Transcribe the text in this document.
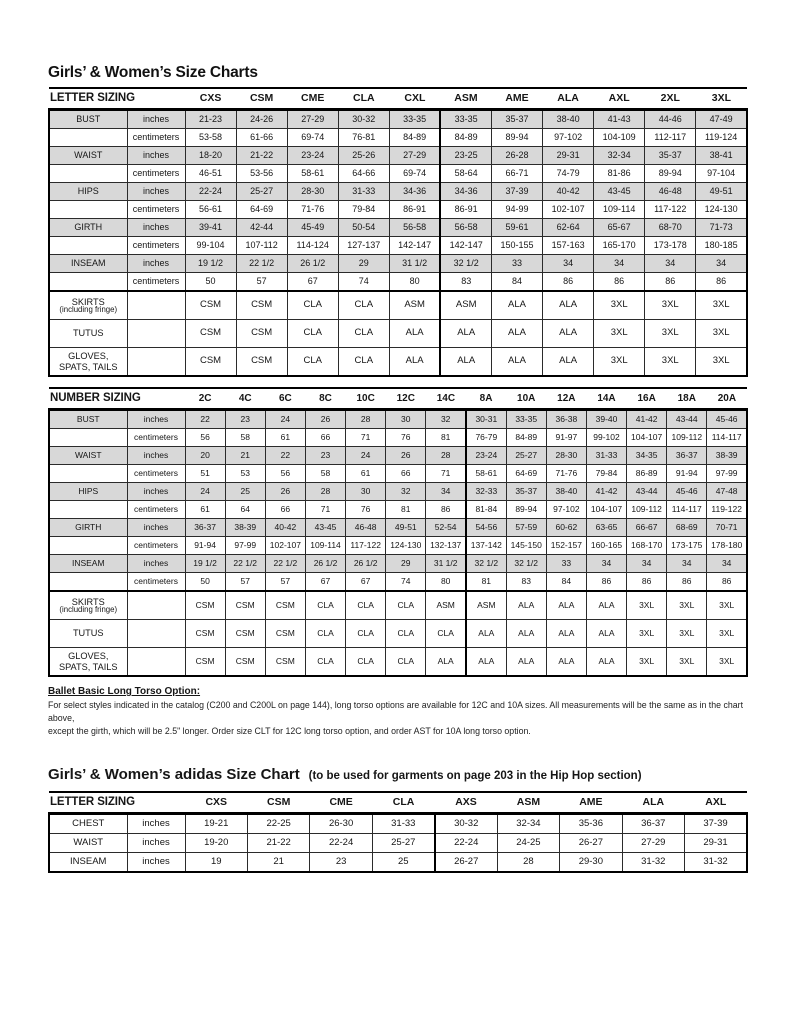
Girls’ & Women’s Size Charts
LETTER SIZING		CXS	CSM	CME	CLA	CXL	ASM	AME	ALA	AXL	2XL	3XL
BUST	inches	21-23	24-26	27-29	30-32	33-35	33-35	35-37	38-40	41-43	44-46	47-49
	centimeters	53-58	61-66	69-74	76-81	84-89	84-89	89-94	97-102	104-109	112-117	119-124
WAIST	inches	18-20	21-22	23-24	25-26	27-29	23-25	26-28	29-31	32-34	35-37	38-41
	centimeters	46-51	53-56	58-61	64-66	69-74	58-64	66-71	74-79	81-86	89-94	97-104
HIPS	inches	22-24	25-27	28-30	31-33	34-36	34-36	37-39	40-42	43-45	46-48	49-51
	centimeters	56-61	64-69	71-76	79-84	86-91	86-91	94-99	102-107	109-114	117-122	124-130
GIRTH	inches	39-41	42-44	45-49	50-54	56-58	56-58	59-61	62-64	65-67	68-70	71-73
	centimeters	99-104	107-112	114-124	127-137	142-147	142-147	150-155	157-163	165-170	173-178	180-185
INSEAM	inches	19 1/2	22 1/2	26 1/2	29	31 1/2	32 1/2	33	34	34	34	34
	centimeters	50	57	67	74	80	83	84	86	86	86	86

SKIRTS
(including fringe)		CSM	CSM	CLA	CLA	ASM	ASM	ALA	ALA	3XL	3XL	3XL

TUTUS		CSM	CSM	CLA	CLA	ALA	ALA	ALA	ALA	3XL	3XL	3XL

GLOVES, SPATS, TAILS		CSM	CSM	CLA	CLA	ALA	ALA	ALA	ALA	3XL	3XL	3XL
NUMBER SIZING		2C	4C	6C	8C	10C	12C	14C	8A	10A	12A	14A	16A	18A	20A
BUST	inches	22	23	24	26	28	30	32	30-31	33-35	36-38	39-40	41-42	43-44	45-46
	centimeters	56	58	61	66	71	76	81	76-79	84-89	91-97	99-102	104-107	109-112	114-117
WAIST	inches	20	21	22	23	24	26	28	23-24	25-27	28-30	31-33	34-35	36-37	38-39
	centimeters	51	53	56	58	61	66	71	58-61	64-69	71-76	79-84	86-89	91-94	97-99
HIPS	inches	24	25	26	28	30	32	34	32-33	35-37	38-40	41-42	43-44	45-46	47-48
	centimeters	61	64	66	71	76	81	86	81-84	89-94	97-102	104-107	109-112	114-117	119-122
GIRTH	inches	36-37	38-39	40-42	43-45	46-48	49-51	52-54	54-56	57-59	60-62	63-65	66-67	68-69	70-71
	centimeters	91-94	97-99	102-107	109-114	117-122	124-130	132-137	137-142	145-150	152-157	160-165	168-170	173-175	178-180
INSEAM	inches	19 1/2	22 1/2	22 1/2	26 1/2	26 1/2	29	31 1/2	32 1/2	32 1/2	33	34	34	34	34
	centimeters	50	57	57	67	67	74	80	81	83	84	86	86	86	86

SKIRTS
(including fringe)		CSM	CSM	CSM	CLA	CLA	CLA	ASM	ASM	ALA	ALA	ALA	3XL	3XL	3XL

TUTUS		CSM	CSM	CSM	CLA	CLA	CLA	CLA	ALA	ALA	ALA	ALA	3XL	3XL	3XL

GLOVES, SPATS, TAILS		CSM	CSM	CSM	CLA	CLA	CLA	ALA	ALA	ALA	ALA	ALA	3XL	3XL	3XL
Ballet Basic Long Torso Option:
For select styles indicated in the catalog (C200 and C200L on page 144), long torso options are available for 12C and 10A sizes. All measurements will be the same as in the chart above,
except the girth, which will be 2.5" longer. Order size CLT for 12C long torso option, and order AST for 10A long torso option.
Girls’ & Women’s adidas Size Chart (to be used for garments on page 203 in the Hip Hop section)
LETTER SIZING		CXS	CSM	CME	CLA	AXS	ASM	AME	ALA	AXL
CHEST	inches	19-21	22-25	26-30	31-33	30-32	32-34	35-36	36-37	37-39
WAIST	inches	19-20	21-22	22-24	25-27	22-24	24-25	26-27	27-29	29-31
INSEAM	inches	19	21	23	25	26-27	28	29-30	31-32	31-32
